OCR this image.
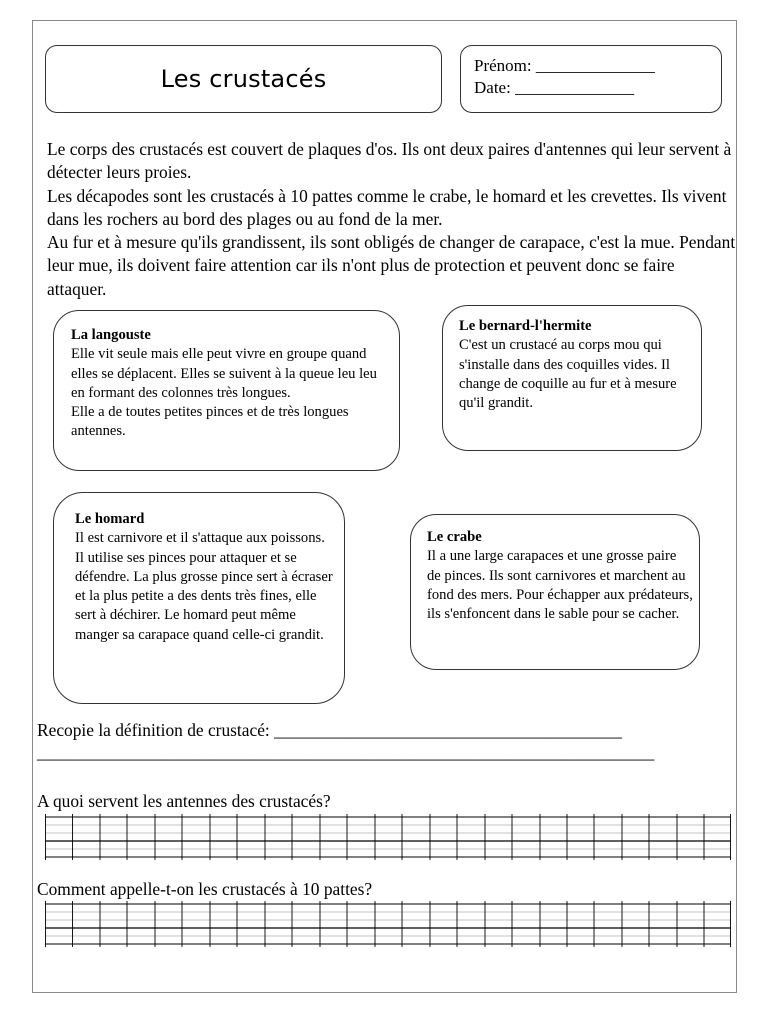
Les crustacés	Prénom: ______________
Date: ______________

Le corps des crustacés est couvert de plaques d'os. Ils ont deux paires d'antennes qui leur servent à détecter leurs proies.

Les décapodes sont les crustacés à 10 pattes comme le crabe, le homard et les crevettes. Ils vivent dans les rochers au bord des plages ou au fond de la mer.

Au fur et à mesure qu'ils grandissent, ils sont obligés de changer de carapace, c'est la mue. Pendant leur mue, ils doivent faire attention car ils n'ont plus de protection et peuvent donc se faire attaquer.

La langouste

Elle vit seule mais elle peut vivre en groupe quand elles se déplacent. Elles se suivent à la queue leu leu en formant des colonnes très longues.

Elle a de toutes petites pinces et de très longues antennes.

Le bernard-l'hermite

C'est un crustacé au corps mou qui s'installe dans des coquilles vides. Il change de coquille au fur et à mesure qu'il grandit.

Le homard

Il est carnivore et il s'attaque aux poissons. Il utilise ses pinces pour attaquer et se défendre. La plus grosse pince sert à écraser et la plus petite a des dents très fines, elle sert à déchirer. Le homard peut même manger sa carapace quand celle-ci grandit.

Le crabe

Il a une large carapaces et une grosse paire de pinces. Ils sont carnivores et marchent au fond des mers. Pour échapper aux prédateurs, ils s'enfoncent dans le sable pour se cacher.

Recopie la définition de crustacé: ________________________________________
_______________________________________________________________________
A quoi servent les antennes des crustacés?
Comment appelle-t-on les crustacés à 10 pattes?
